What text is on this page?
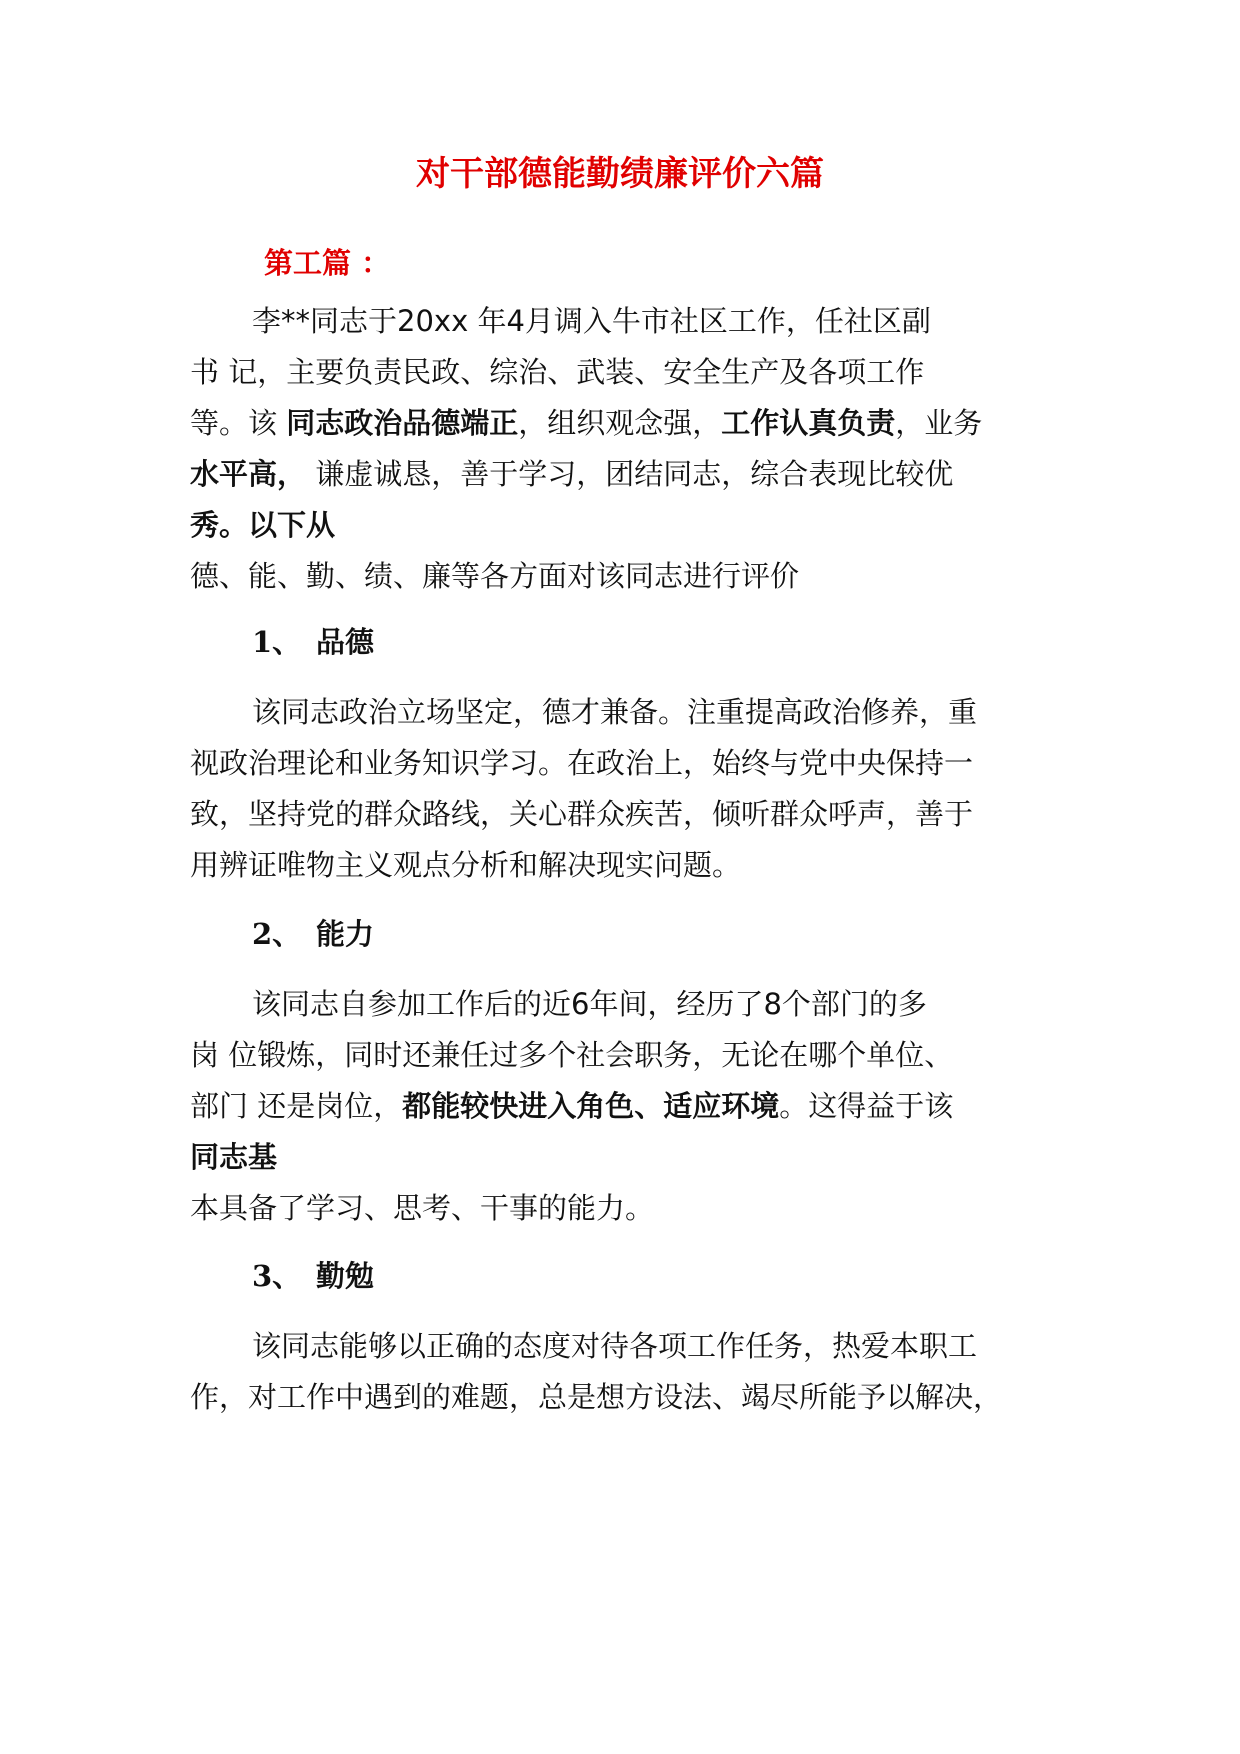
对干部德能勤绩廉评价六篇

第工篇 ：

李**同志于20xx 年4月调入牛市社区工作，任社区副

书 记，主要负责民政、综治、武装、安全生产及各项工作

等。该 同志政治品德端正，组织观念强，工作认真负责，业务

水平高， 谦虚诚恳，善于学习，团结同志，综合表现比较优

秀。以下从

德、能、勤、绩、廉等各方面对该同志进行评价

1、 品德

该同志政治立场坚定，德才兼备。注重提高政治修养，重

视政治理论和业务知识学习。在政治上，始终与党中央保持一

致，坚持党的群众路线，关心群众疾苦，倾听群众呼声，善于

用辨证唯物主义观点分析和解决现实问题。

2、 能力

该同志自参加工作后的近6年间，经历了8个部门的多

岗 位锻炼，同时还兼任过多个社会职务，无论在哪个单位、

部门 还是岗位，都能较快进入角色、适应环境。这得益于该

同志基

本具备了学习、思考、干事的能力。

3、 勤勉

该同志能够以正确的态度对待各项工作任务，热爱本职工

作，对工作中遇到的难题，总是想方设法、竭尽所能予以解决，
